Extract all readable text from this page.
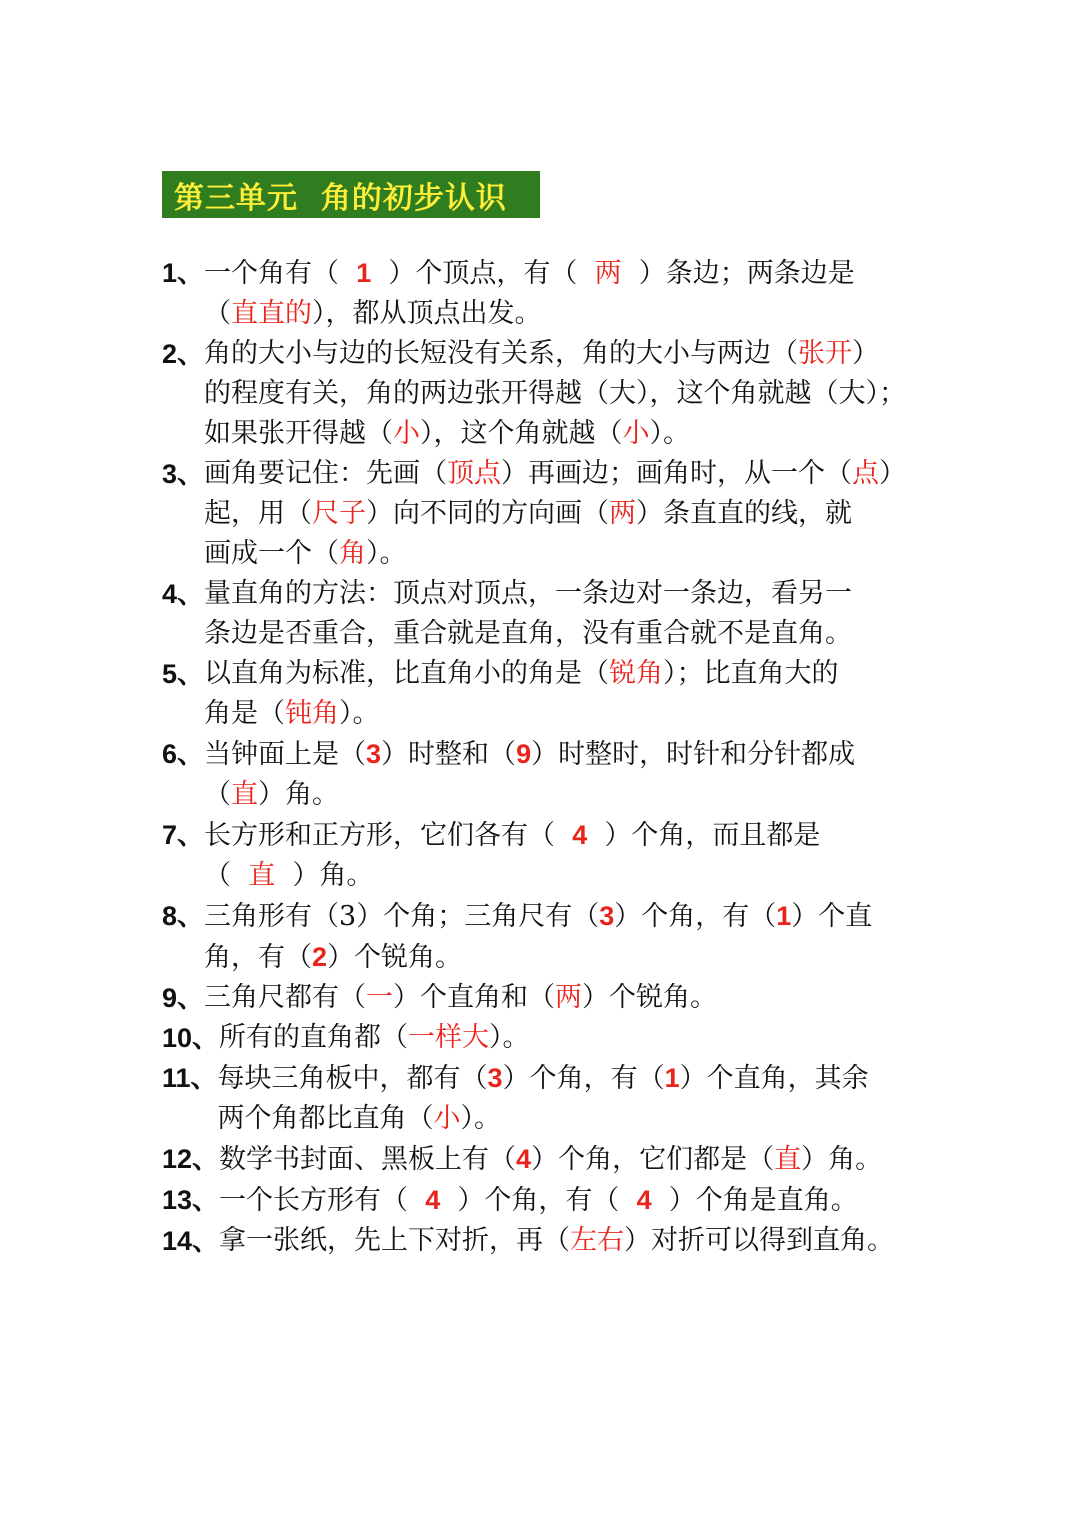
第三单元  角的初步认识
1、 一个角有（  1  ）个顶点，有（  两  ）条边；两条边是
（直直的），都从顶点出发。
2、 角的大小与边的长短没有关系，角的大小与两边（张开）
的程度有关，角的两边张开得越（大），这个角就越（大）；
如果张开得越（小），这个角就越（小）。
3、 画角要记住：先画（顶点）再画边；画角时，从一个（点）
起，用（尺子）向不同的方向画（两）条直直的线，就
画成一个（角）。
4、 量直角的方法：顶点对顶点，一条边对一条边，看另一
条边是否重合，重合就是直角，没有重合就不是直角。
5、 以直角为标准，比直角小的角是（锐角）；比直角大的
角是（钝角）。
6、 当钟面上是（3）时整和（9）时整时，时针和分针都成
（直）角。
7、 长方形和正方形，它们各有（  4  ）个角，而且都是
（  直  ）角。
8、 三角形有（3）个角；三角尺有（3）个角，有（1）个直
角，有（2）个锐角。
9、 三角尺都有（一）个直角和（两）个锐角。
10、 所有的直角都（一样大）。
11、 每块三角板中，都有（3）个角，有（1）个直角，其余
两个角都比直角（小）。
12、 数学书封面、黑板上有（4）个角，它们都是（直）角。
13、 一个长方形有（  4  ）个角，有（  4  ）个角是直角。
14、 拿一张纸，先上下对折，再（左右）对折可以得到直角。
